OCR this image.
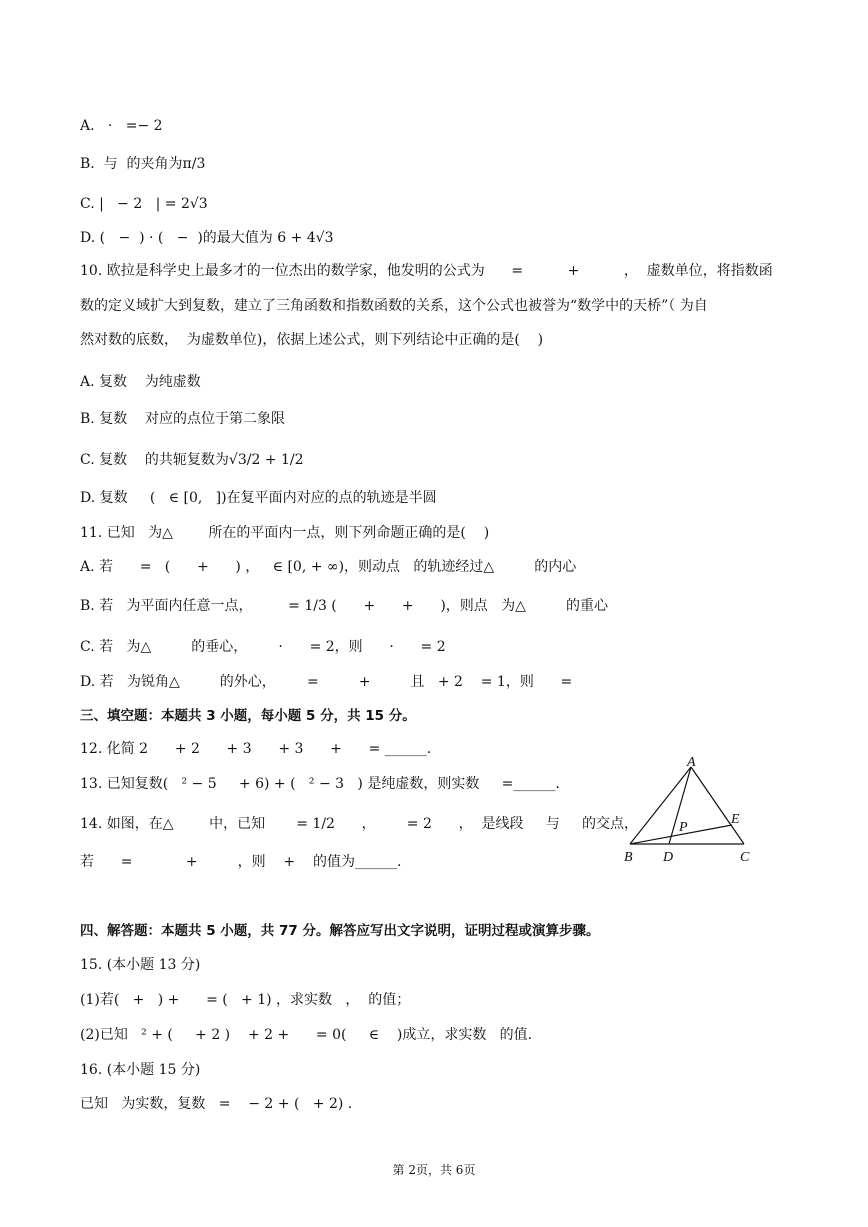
A.   ·   =− 2
B.  与  的夹角为π/3
C. |   − 2   | = 2√3
D. (   −  ) · (   −  )的最大值为 6 + 4√3
10. 欧拉是科学史上最多才的一位杰出的数学家，他发明的公式为      =          +          ，  虚数单位，将指数函
数的定义域扩大到复数，建立了三角函数和指数函数的关系，这个公式也被誉为“数学中的天桥”（ 为自
然对数的底数，  为虚数单位)，依据上述公式，则下列结论中正确的是(    )
A. 复数    为纯虚数
B. 复数    对应的点位于第二象限
C. 复数    的共轭复数为√3/2 + 1/2
D. 复数     (   ∈ [0,   ])在复平面内对应的点的轨迹是半圆
11. 已知   为△        所在的平面内一点，则下列命题正确的是(    )
A. 若      =   (      +      ) ，   ∈ [0, + ∞)，则动点   的轨迹经过△         的内心
B. 若   为平面内任意一点，        = 1/3 (      +      +      )，则点   为△         的重心
C. 若   为△         的垂心，       ·      = 2，则      ·      = 2
D. 若   为锐角△         的外心，       =         +         且   + 2    = 1，则      =
三、填空题：本题共 3 小题，每小题 5 分，共 15 分。
12. 化简 2      + 2      + 3      + 3      +      = ______.
13. 已知复数(   ² − 5     + 6) + (   ² − 3   ) 是纯虚数，则实数     =______.
14. 如图，在△        中，已知       = 1/2      ，       = 2      ，  是线段     与     的交点，
若      =            +         ，则    +    的值为______.
四、解答题：本题共 5 小题，共 77 分。解答应写出文字说明，证明过程或演算步骤。
15. (本小题 13 分)
(1)若(   +   ) +      = (   + 1) ，求实数   ，  的值；
(2)已知   ² + (     + 2 )    + 2 +      = 0(     ∈    )成立，求实数   的值.
16. (本小题 15 分)
已知   为实数，复数   =    − 2 + (   + 2) .
A
B	C
D
E
P
第 2页，共 6页
